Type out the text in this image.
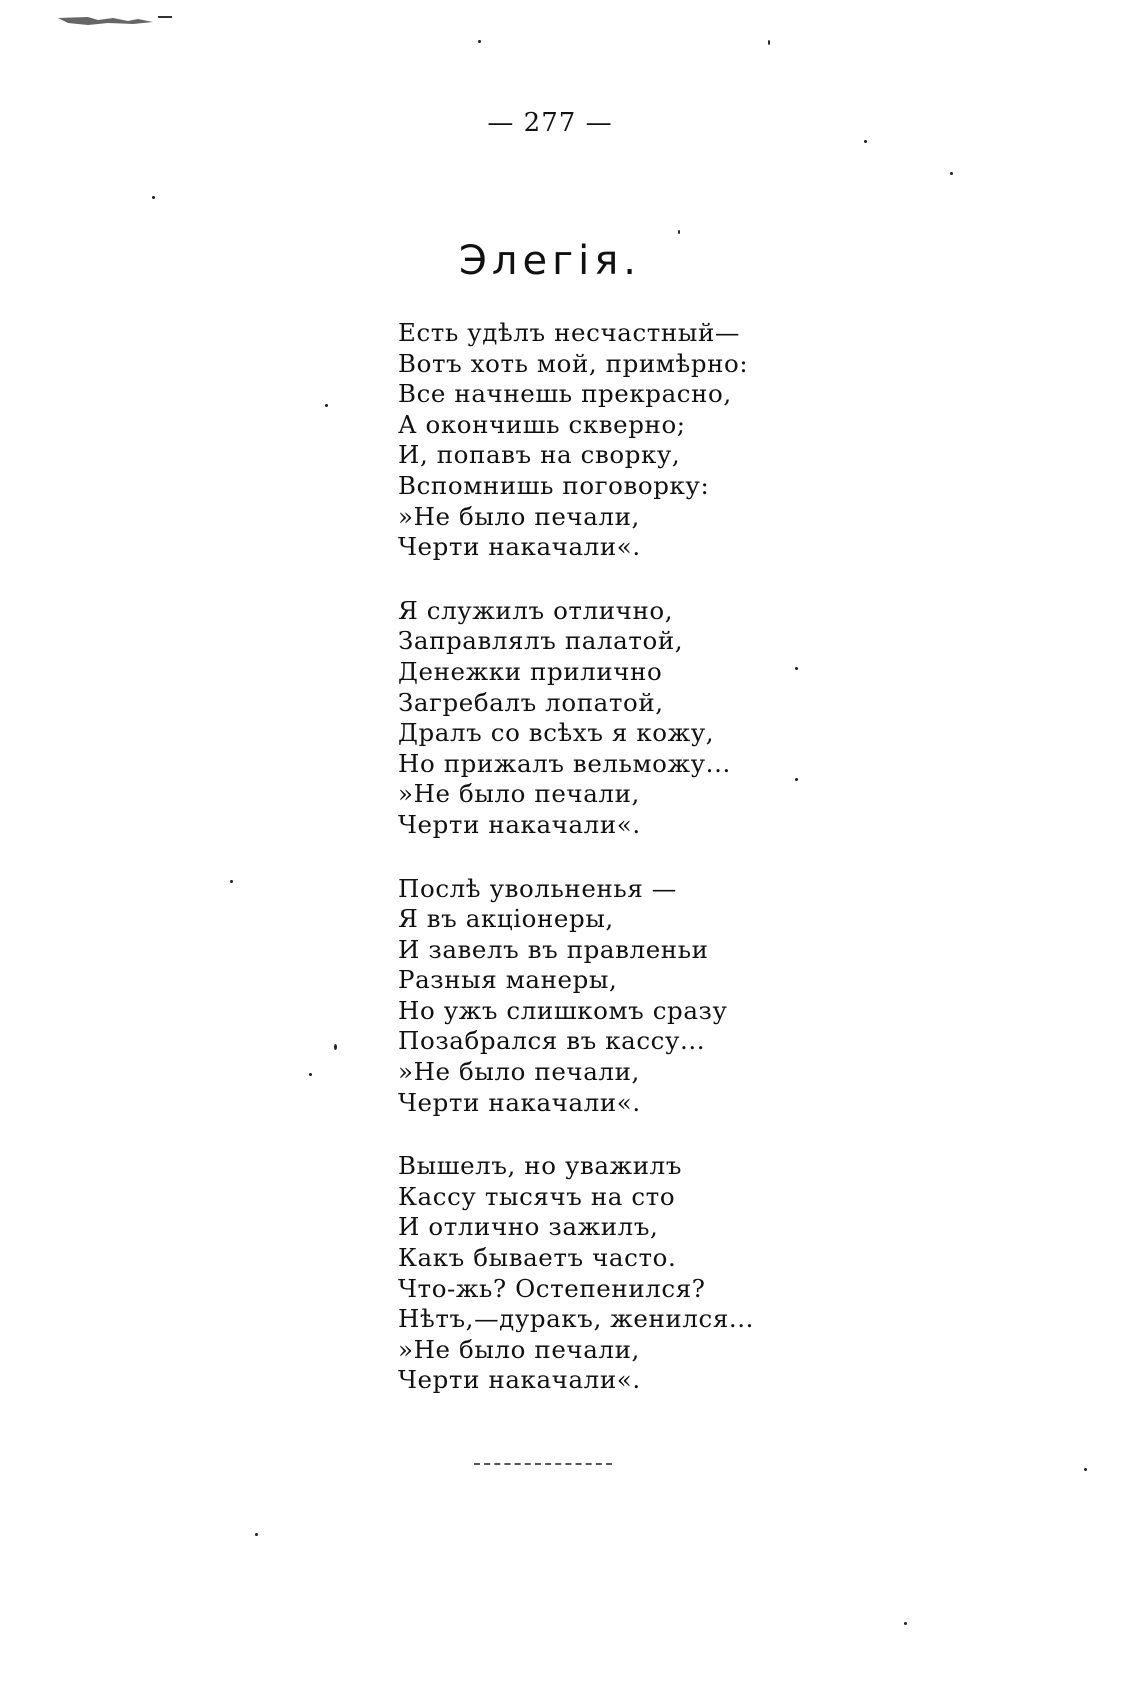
— 277 —
Элегія.
Есть удѣлъ несчастный—
Вотъ хоть мой, примѣрно:
Все начнешь прекрасно,
А окончишь скверно;
И, попавъ на сворку,
Вспомнишь поговорку:
»Не было печали,
Черти накачали«.
Я служилъ отлично,
Заправлялъ палатой,
Денежки прилично
Загребалъ лопатой,
Дралъ со всѣхъ я кожу,
Но прижалъ вельможу...
»Не было печали,
Черти накачали«.
Послѣ увольненья —
Я въ акціонеры,
И завелъ въ правленьи
Разныя манеры,
Но ужъ слишкомъ сразу
Позабрался въ кассу...
»Не было печали,
Черти накачали«.
Вышелъ, но уважилъ
Кассу тысячъ на сто
И отлично зажилъ,
Какъ бываетъ часто.
Что-жь? Остепенился?
Нѣтъ,—дуракъ, женился...
»Не было печали,
Черти накачали«.
